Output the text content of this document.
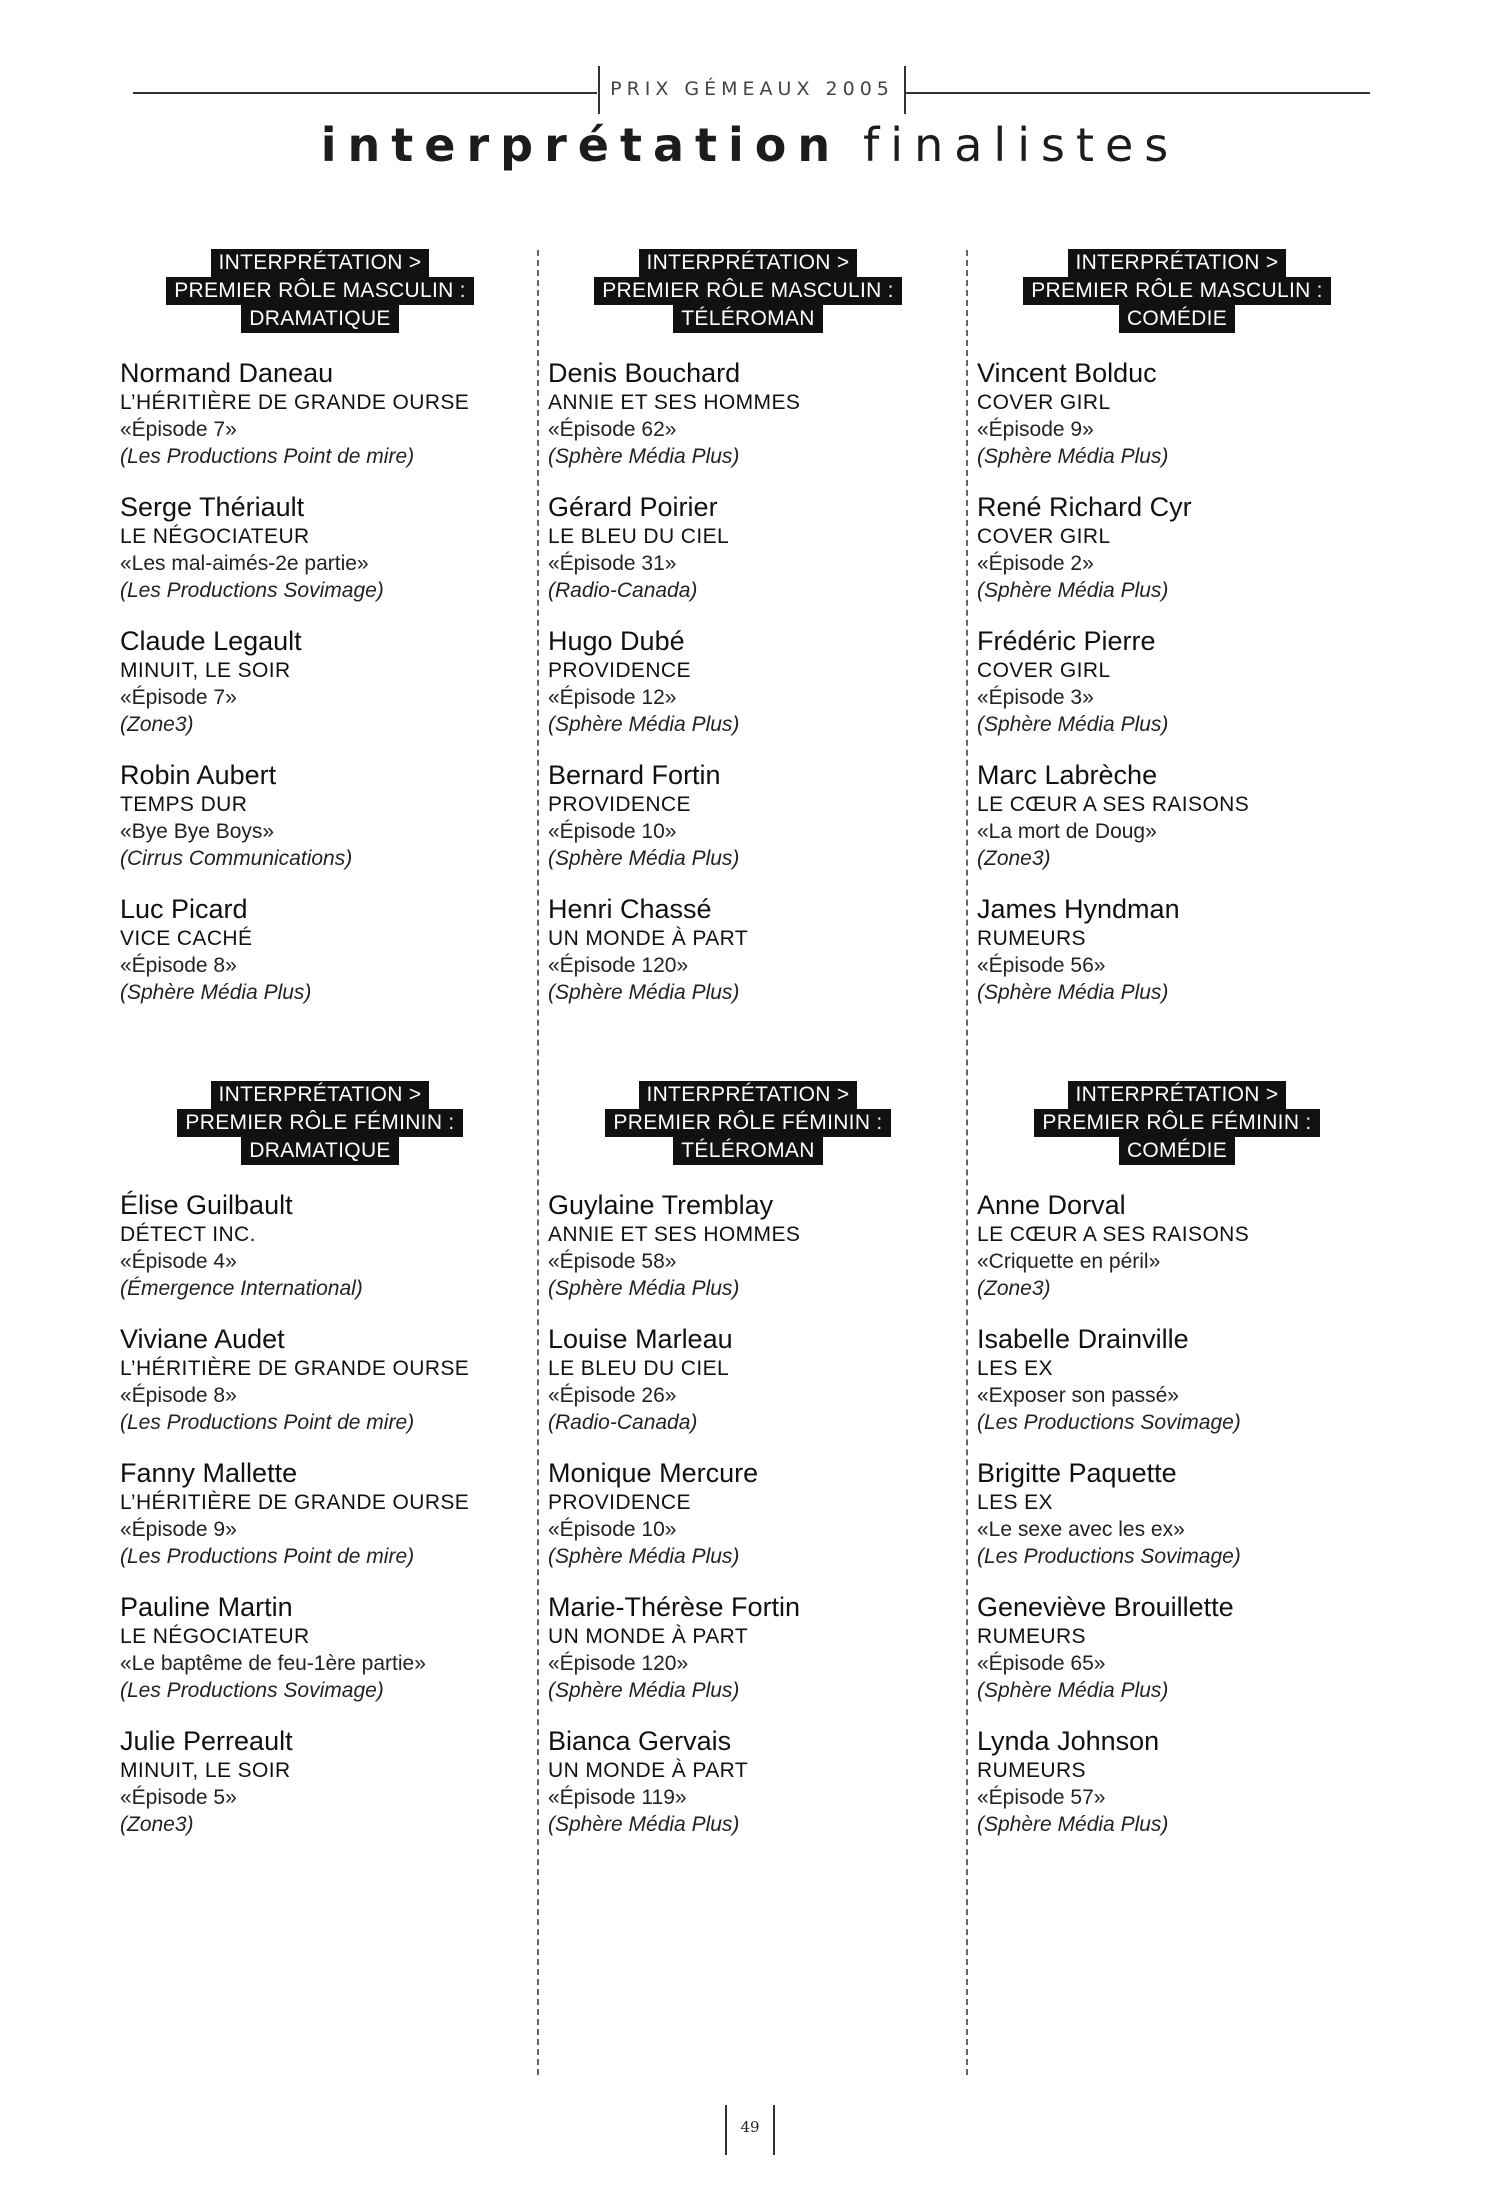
PRIX GÉMEAUX 2005
interprétation finalistes
INTERPRÉTATION >
PREMIER RÔLE MASCULIN :
DRAMATIQUE
Normand Daneau
L’HÉRITIÈRE DE GRANDE OURSE
«Épisode 7»
(Les Productions Point de mire)
Serge Thériault
LE NÉGOCIATEUR
«Les mal-aimés-2e partie»
(Les Productions Sovimage)
Claude Legault
MINUIT, LE SOIR
«Épisode 7»
(Zone3)
Robin Aubert
TEMPS DUR
«Bye Bye Boys»
(Cirrus Communications)
Luc Picard
VICE CACHÉ
«Épisode 8»
(Sphère Média Plus)
INTERPRÉTATION >
PREMIER RÔLE MASCULIN :
TÉLÉROMAN
Denis Bouchard
ANNIE ET SES HOMMES
«Épisode 62»
(Sphère Média Plus)
Gérard Poirier
LE BLEU DU CIEL
«Épisode 31»
(Radio-Canada)
Hugo Dubé
PROVIDENCE
«Épisode 12»
(Sphère Média Plus)
Bernard Fortin
PROVIDENCE
«Épisode 10»
(Sphère Média Plus)
Henri Chassé
UN MONDE À PART
«Épisode 120»
(Sphère Média Plus)
INTERPRÉTATION >
PREMIER RÔLE MASCULIN :
COMÉDIE
Vincent Bolduc
COVER GIRL
«Épisode 9»
(Sphère Média Plus)
René Richard Cyr
COVER GIRL
«Épisode 2»
(Sphère Média Plus)
Frédéric Pierre
COVER GIRL
«Épisode 3»
(Sphère Média Plus)
Marc Labrèche
LE CŒUR A SES RAISONS
«La mort de Doug»
(Zone3)
James Hyndman
RUMEURS
«Épisode 56»
(Sphère Média Plus)
INTERPRÉTATION >
PREMIER RÔLE FÉMININ :
DRAMATIQUE
Élise Guilbault
DÉTECT INC.
«Épisode 4»
(Émergence International)
Viviane Audet
L’HÉRITIÈRE DE GRANDE OURSE
«Épisode 8»
(Les Productions Point de mire)
Fanny Mallette
L’HÉRITIÈRE DE GRANDE OURSE
«Épisode 9»
(Les Productions Point de mire)
Pauline Martin
LE NÉGOCIATEUR
«Le baptême de feu-1ère partie»
(Les Productions Sovimage)
Julie Perreault
MINUIT, LE SOIR
«Épisode 5»
(Zone3)
INTERPRÉTATION >
PREMIER RÔLE FÉMININ :
TÉLÉROMAN
Guylaine Tremblay
ANNIE ET SES HOMMES
«Épisode 58»
(Sphère Média Plus)
Louise Marleau
LE BLEU DU CIEL
«Épisode 26»
(Radio-Canada)
Monique Mercure
PROVIDENCE
«Épisode 10»
(Sphère Média Plus)
Marie-Thérèse Fortin
UN MONDE À PART
«Épisode 120»
(Sphère Média Plus)
Bianca Gervais
UN MONDE À PART
«Épisode 119»
(Sphère Média Plus)
INTERPRÉTATION >
PREMIER RÔLE FÉMININ :
COMÉDIE
Anne Dorval
LE CŒUR A SES RAISONS
«Criquette en péril»
(Zone3)
Isabelle Drainville
LES EX
«Exposer son passé»
(Les Productions Sovimage)
Brigitte Paquette
LES EX
«Le sexe avec les ex»
(Les Productions Sovimage)
Geneviève Brouillette
RUMEURS
«Épisode 65»
(Sphère Média Plus)
Lynda Johnson
RUMEURS
«Épisode 57»
(Sphère Média Plus)
49
